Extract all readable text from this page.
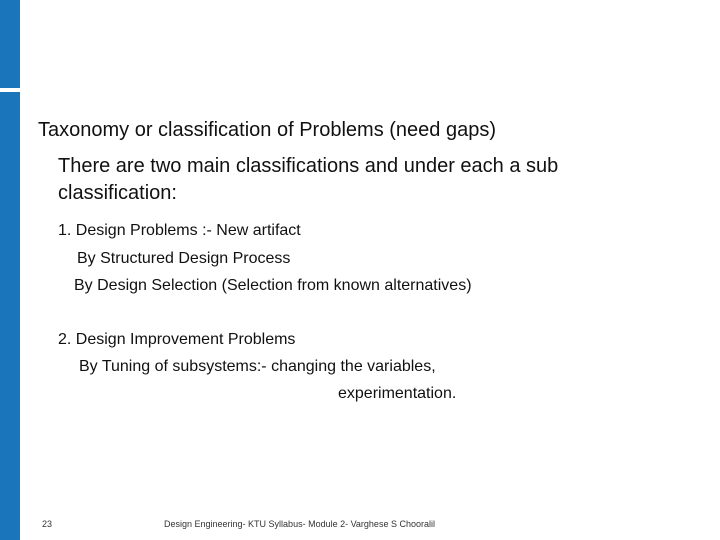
Taxonomy or classification of Problems (need gaps)

There are two main classifications and under each a sub classification:

1. Design Problems :- New artifact

By Structured Design Process

By Design Selection (Selection from known alternatives)

2. Design Improvement Problems

By Tuning of subsystems:- changing the variables,

experimentation.

23	Design Engineering- KTU Syllabus- Module 2- Varghese S Chooralil
